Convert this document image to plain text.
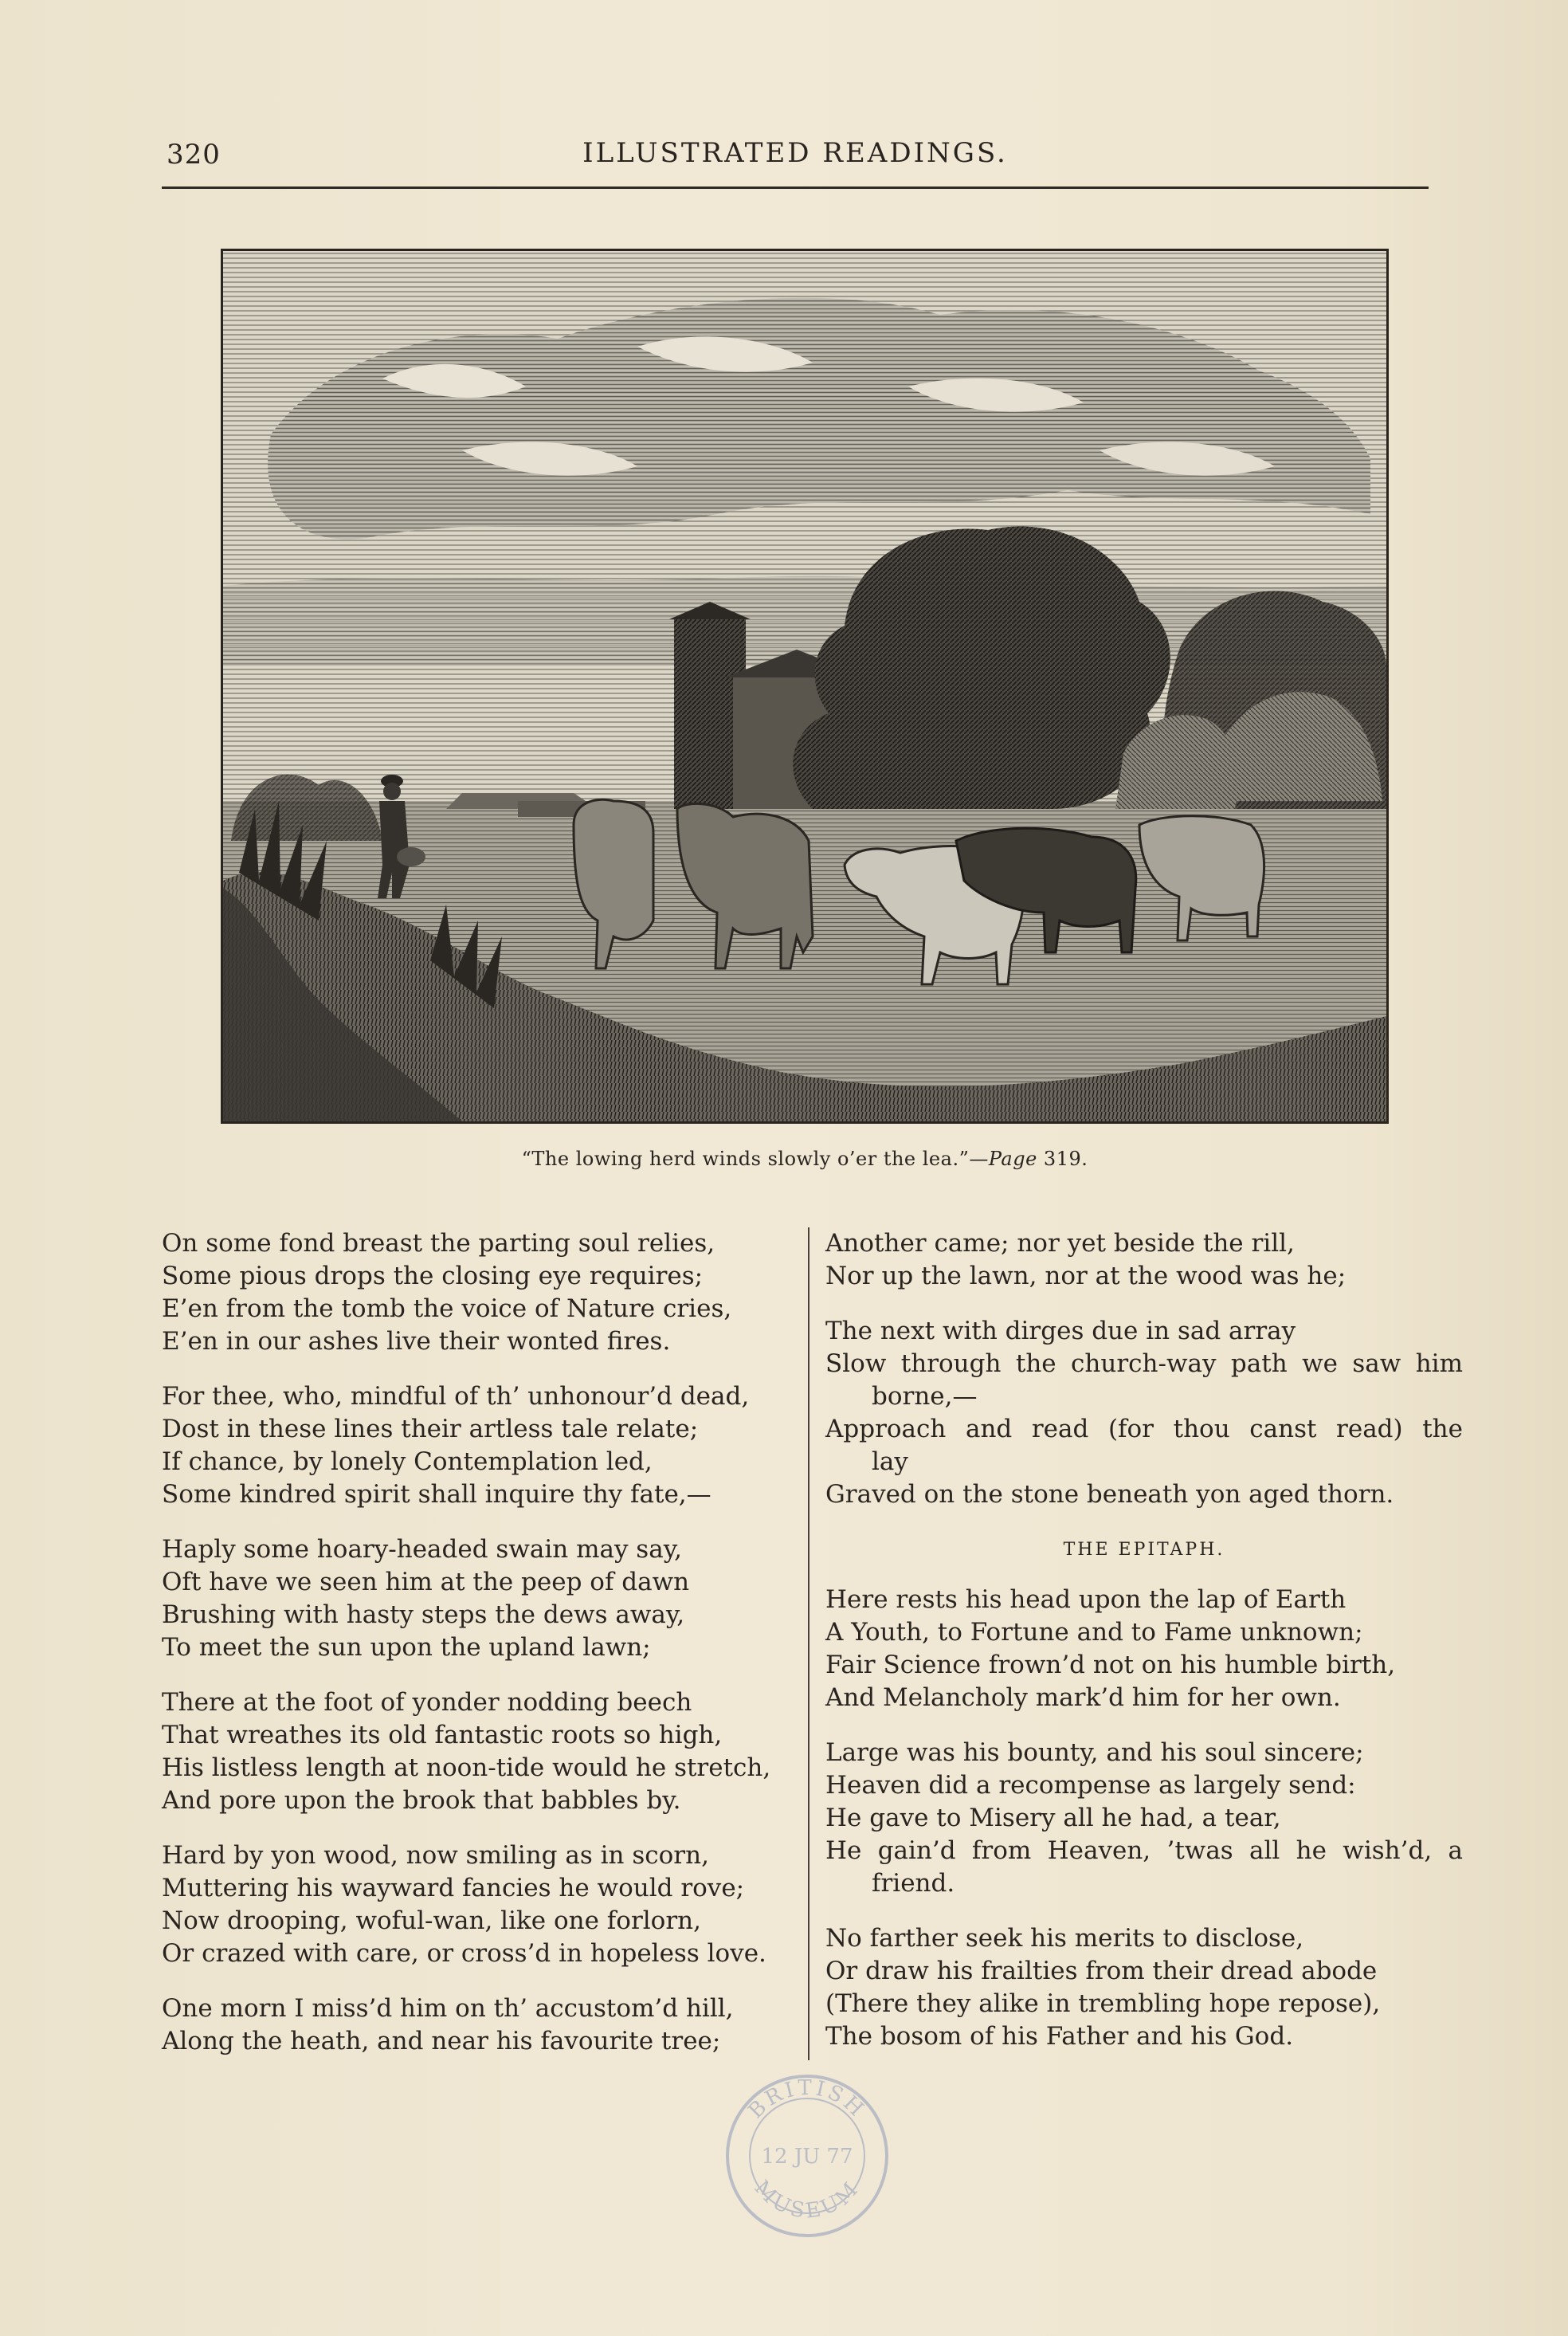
320	ILLUSTRATED READINGS.
“The lowing herd winds slowly o’er the lea.”—Page 319.
On some fond breast the parting soul relies,
Some pious drops the closing eye requires;
E’en from the tomb the voice of Nature cries,
E’en in our ashes live their wonted fires.
For thee, who, mindful of th’ unhonour’d dead,
Dost in these lines their artless tale relate;
If chance, by lonely Contemplation led,
Some kindred spirit shall inquire thy fate,—
Haply some hoary-headed swain may say,
Oft have we seen him at the peep of dawn
Brushing with hasty steps the dews away,
To meet the sun upon the upland lawn;
There at the foot of yonder nodding beech
That wreathes its old fantastic roots so high,
His listless length at noon-tide would he stretch,
And pore upon the brook that babbles by.
Hard by yon wood, now smiling as in scorn,
Muttering his wayward fancies he would rove;
Now drooping, woful-wan, like one forlorn,
Or crazed with care, or cross’d in hopeless love.
One morn I miss’d him on th’ accustom’d hill,
Along the heath, and near his favourite tree;
Another came; nor yet beside the rill,
Nor up the lawn, nor at the wood was he;
The next with dirges due in sad array
Slow through the church-way path we saw him
borne,—
Approach and read (for thou canst read) the
lay
Graved on the stone beneath yon aged thorn.
THE EPITAPH.
Here rests his head upon the lap of Earth
A Youth, to Fortune and to Fame unknown;
Fair Science frown’d not on his humble birth,
And Melancholy mark’d him for her own.
Large was his bounty, and his soul sincere;
Heaven did a recompense as largely send:
He gave to Misery all he had, a tear,
He gain’d from Heaven, ’twas all he wish’d, a
friend.
No farther seek his merits to disclose,
Or draw his frailties from their dread abode
(There they alike in trembling hope repose),
The bosom of his Father and his God.
BRITISH
12 JU 77
MUSEUM
